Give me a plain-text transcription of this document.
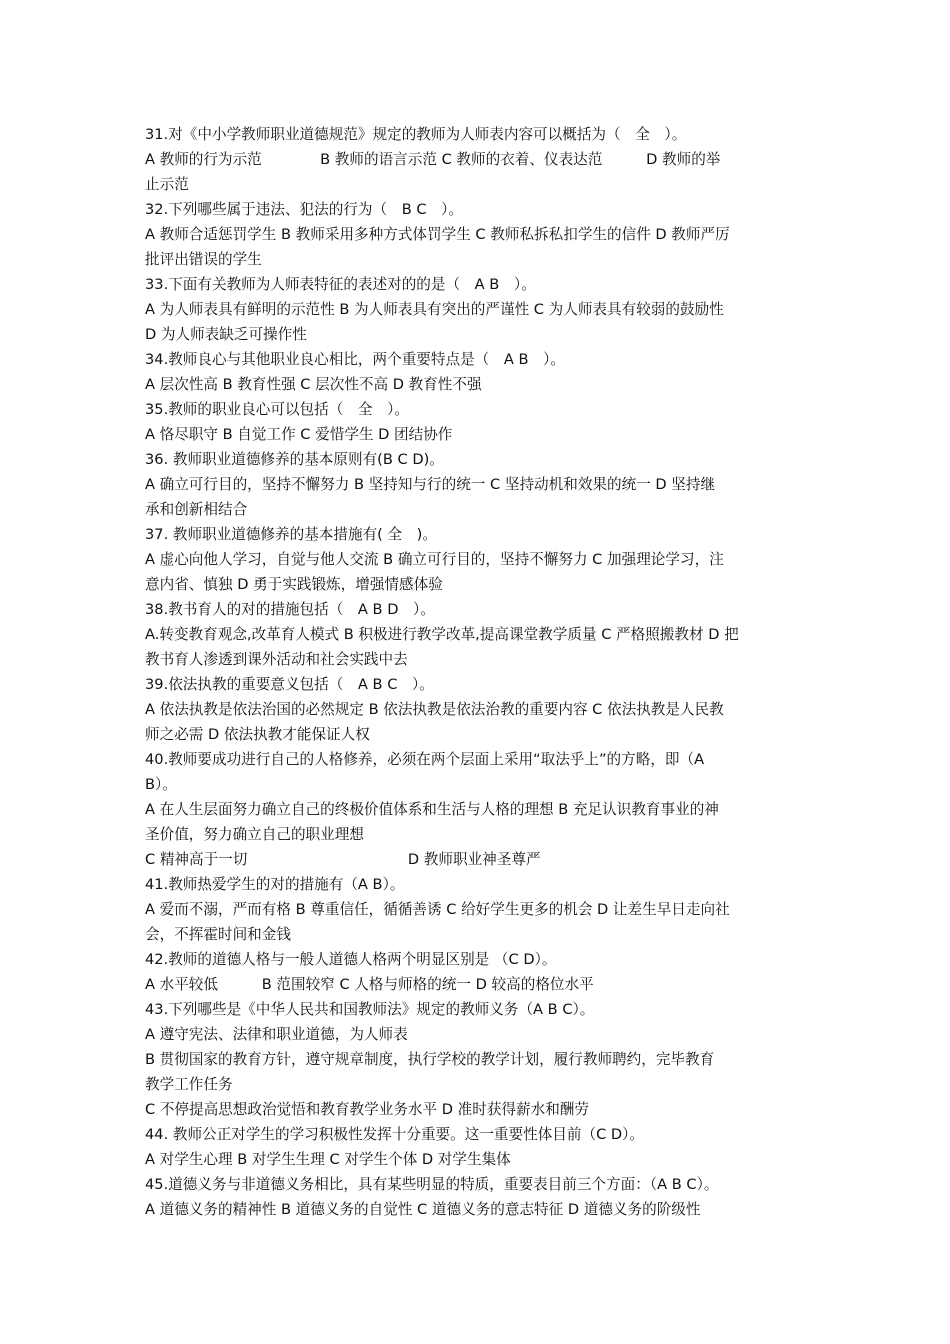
31.对《中小学教师职业道德规范》规定的教师为人师表内容可以概括为（　全　）。
A 教师的行为示范　　　　B 教师的语言示范 C 教师的衣着、仪表达范　　　D 教师的举
止示范
32.下列哪些属于违法、犯法的行为（　B C　）。
A 教师合适惩罚学生 B 教师采用多种方式体罚学生 C 教师私拆私扣学生的信件 D 教师严厉
批评出错误的学生
33.下面有关教师为人师表特征的表述对的的是（　A B　）。
A 为人师表具有鲜明的示范性 B 为人师表具有突出的严谨性 C 为人师表具有较弱的鼓励性
D 为人师表缺乏可操作性
34.教师良心与其他职业良心相比，两个重要特点是（　A B　）。
A 层次性高 B 教育性强 C 层次性不高 D 教育性不强
35.教师的职业良心可以包括（　全　）。
A 恪尽职守 B 自觉工作 C 爱惜学生 D 团结协作
36. 教师职业道德修养的基本原则有(B C D)。
A 确立可行目的，坚持不懈努力 B 坚持知与行的统一 C 坚持动机和效果的统一 D 坚持继
承和创新相结合
37. 教师职业道德修养的基本措施有( 全　)。
A 虚心向他人学习，自觉与他人交流 B 确立可行目的，坚持不懈努力 C 加强理论学习，注
意内省、慎独 D 勇于实践锻炼，增强情感体验
38.教书育人的对的措施包括（　A B D　）。
A.转变教育观念,改革育人模式 B 积极进行教学改革,提高课堂教学质量 C 严格照搬教材 D 把
教书育人渗透到课外活动和社会实践中去
39.依法执教的重要意义包括（　A B C　）。
A 依法执教是依法治国的必然规定 B 依法执教是依法治教的重要内容 C 依法执教是人民教
师之必需 D 依法执教才能保证人权
40.教师要成功进行自己的人格修养，必须在两个层面上采用“取法乎上”的方略，即（A
B）。
A 在人生层面努力确立自己的终极价值体系和生活与人格的理想 B 充足认识教育事业的神
圣价值，努力确立自己的职业理想
C 精神高于一切　　　　　　　　　　　D 教师职业神圣尊严
41.教师热爱学生的对的措施有（A B）。
A 爱而不溺，严而有格 B 尊重信任，循循善诱 C 给好学生更多的机会 D 让差生早日走向社
会，不挥霍时间和金钱
42.教师的道德人格与一般人道德人格两个明显区别是 （C D）。
A 水平较低　　　B 范围较窄 C 人格与师格的统一 D 较高的格位水平
43.下列哪些是《中华人民共和国教师法》规定的教师义务（A B C）。
A 遵守宪法、法律和职业道德，为人师表
B 贯彻国家的教育方针，遵守规章制度，执行学校的教学计划，履行教师聘约，完毕教育
教学工作任务
C 不停提高思想政治觉悟和教育教学业务水平 D 准时获得薪水和酬劳
44. 教师公正对学生的学习积极性发挥十分重要。这一重要性体目前（C D）。
A 对学生心理 B 对学生生理 C 对学生个体 D 对学生集体
45.道德义务与非道德义务相比，具有某些明显的特质，重要表目前三个方面：（A B C）。
A 道德义务的精神性 B 道德义务的自觉性 C 道德义务的意志特征 D 道德义务的阶级性
